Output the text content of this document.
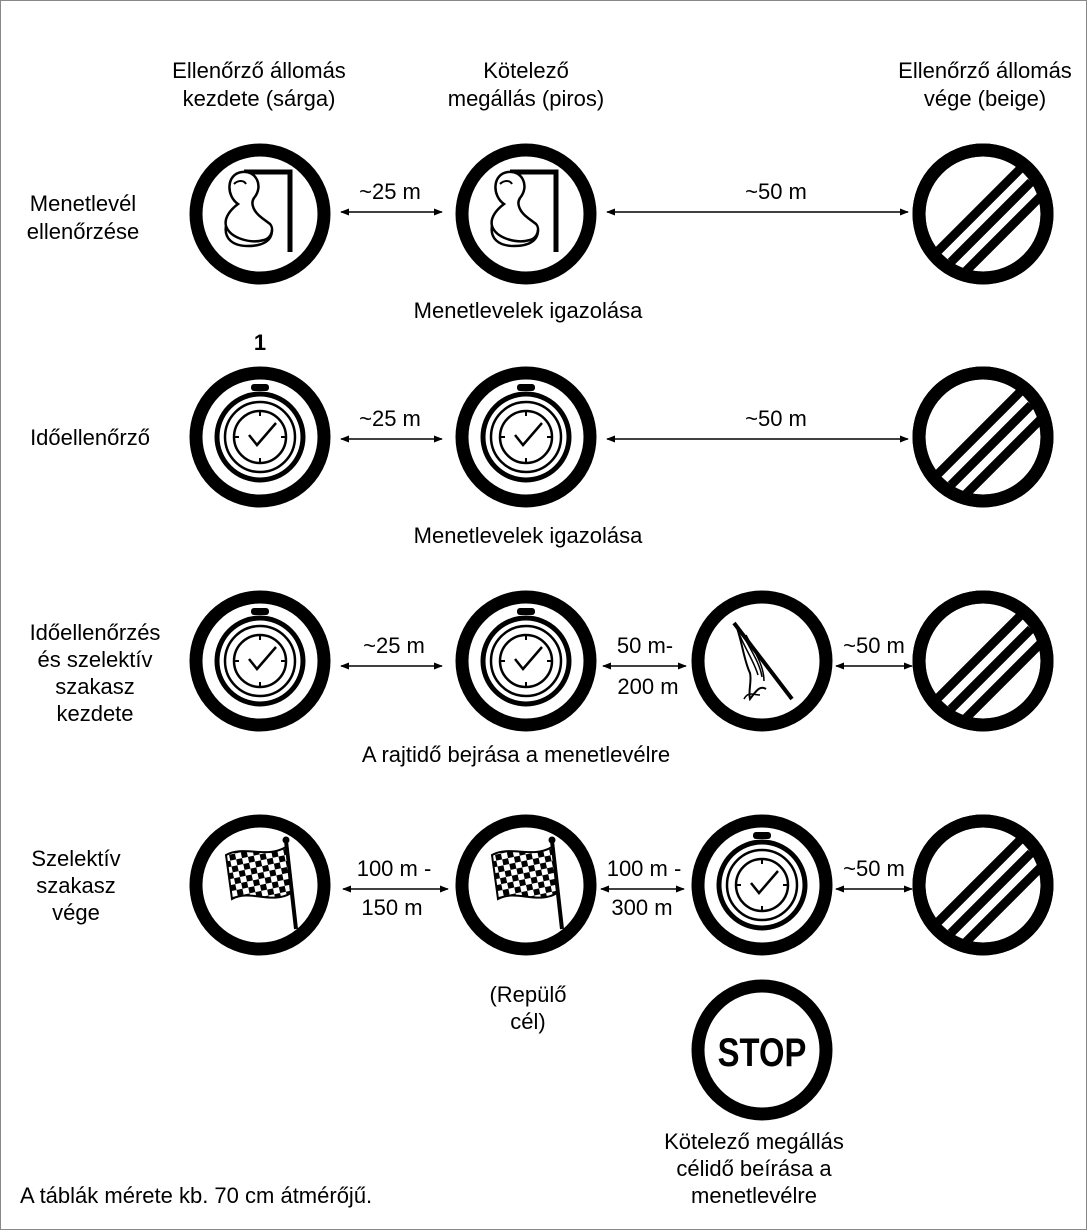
Ellenőrző állomás
kezdete (sárga)
Kötelező
megállás (piros)
Ellenőrző állomás
vége (beige)
Menetlevél
ellenőrzése
~25 m	~50 m
Menetlevelek igazolása
1
Időellenőrző
~25 m	~50 m
Menetlevelek igazolása
Időellenőrzés
és szelektív
szakasz
kezdete
~25 m	50 m-
200 m
~50 m
A rajtidő bejrása a menetlevélre
Szelektív
szakasz
vége
100 m -
150 m
100 m -
300 m
~50 m
(Repülő
cél)
STOP
Kötelező megállás
célidő beírása a
menetlevélre
A táblák mérete kb. 70 cm átmérőjű.
